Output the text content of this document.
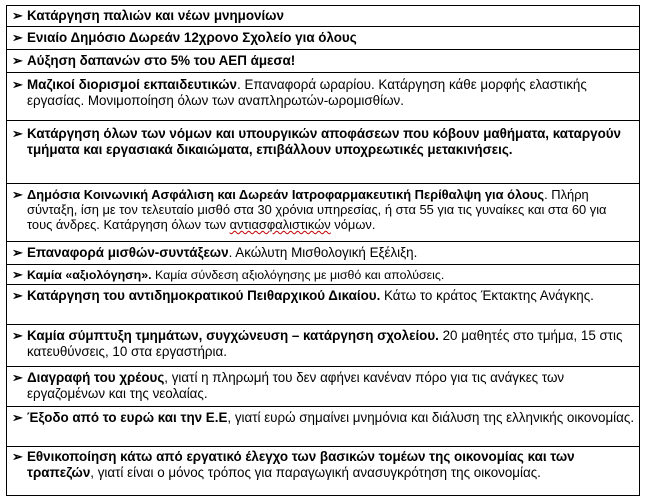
➢ Κατάργηση παλιών και νέων μνημονίων
➢ Ενιαίο Δημόσιο Δωρεάν 12χρονο Σχολείο για όλους
➢ Αύξηση δαπανών στο 5% του ΑΕΠ άμεσα!
➢ Μαζικοί διορισμοί εκπαιδευτικών. Επαναφορά ωραρίου. Κατάργηση κάθε μορφής ελαστικής εργασίας. Μονιμοποίηση όλων των αναπληρωτών-ωρομισθίων.
➢ Κατάργηση όλων των νόμων και υπουργικών αποφάσεων που κόβουν μαθήματα, καταργούν τμήματα και εργασιακά δικαιώματα, επιβάλλουν υποχρεωτικές μετακινήσεις.
➢ Δημόσια Κοινωνική Ασφάλιση και Δωρεάν Ιατροφαρμακευτική Περίθαλψη για όλους. Πλήρη σύνταξη, ίση με τον τελευταίο μισθό στα 30 χρόνια υπηρεσίας, ή στα 55 για τις γυναίκες και στα 60 για τους άνδρες. Κατάργηση όλων των αντιασφαλιστικών νόμων.
➢ Επαναφορά μισθών-συντάξεων. Ακώλυτη Μισθολογική Εξέλιξη.
➢ Καμία «αξιολόγηση». Καμία σύνδεση αξιολόγησης με μισθό και απολύσεις.
➢ Κατάργηση του αντιδημοκρατικού Πειθαρχικού Δικαίου. Κάτω το κράτος Έκτακτης Ανάγκης.
➢ Καμία σύμπτυξη τμημάτων, συγχώνευση – κατάργηση σχολείου. 20 μαθητές στο τμήμα, 15 στις κατευθύνσεις, 10 στα εργαστήρια.
➢ Διαγραφή του χρέους, γιατί η πληρωμή του δεν αφήνει κανέναν πόρο για τις ανάγκες των εργαζομένων και της νεολαίας.
➢ Έξοδο από το ευρώ και την Ε.Ε, γιατί ευρώ σημαίνει μνημόνια και διάλυση της ελληνικής οικονομίας.
➢ Εθνικοποίηση κάτω από εργατικό έλεγχο των βασικών τομέων της οικονομίας και των τραπεζών, γιατί είναι ο μόνος τρόπος για παραγωγική ανασυγκρότηση της οικονομίας.
